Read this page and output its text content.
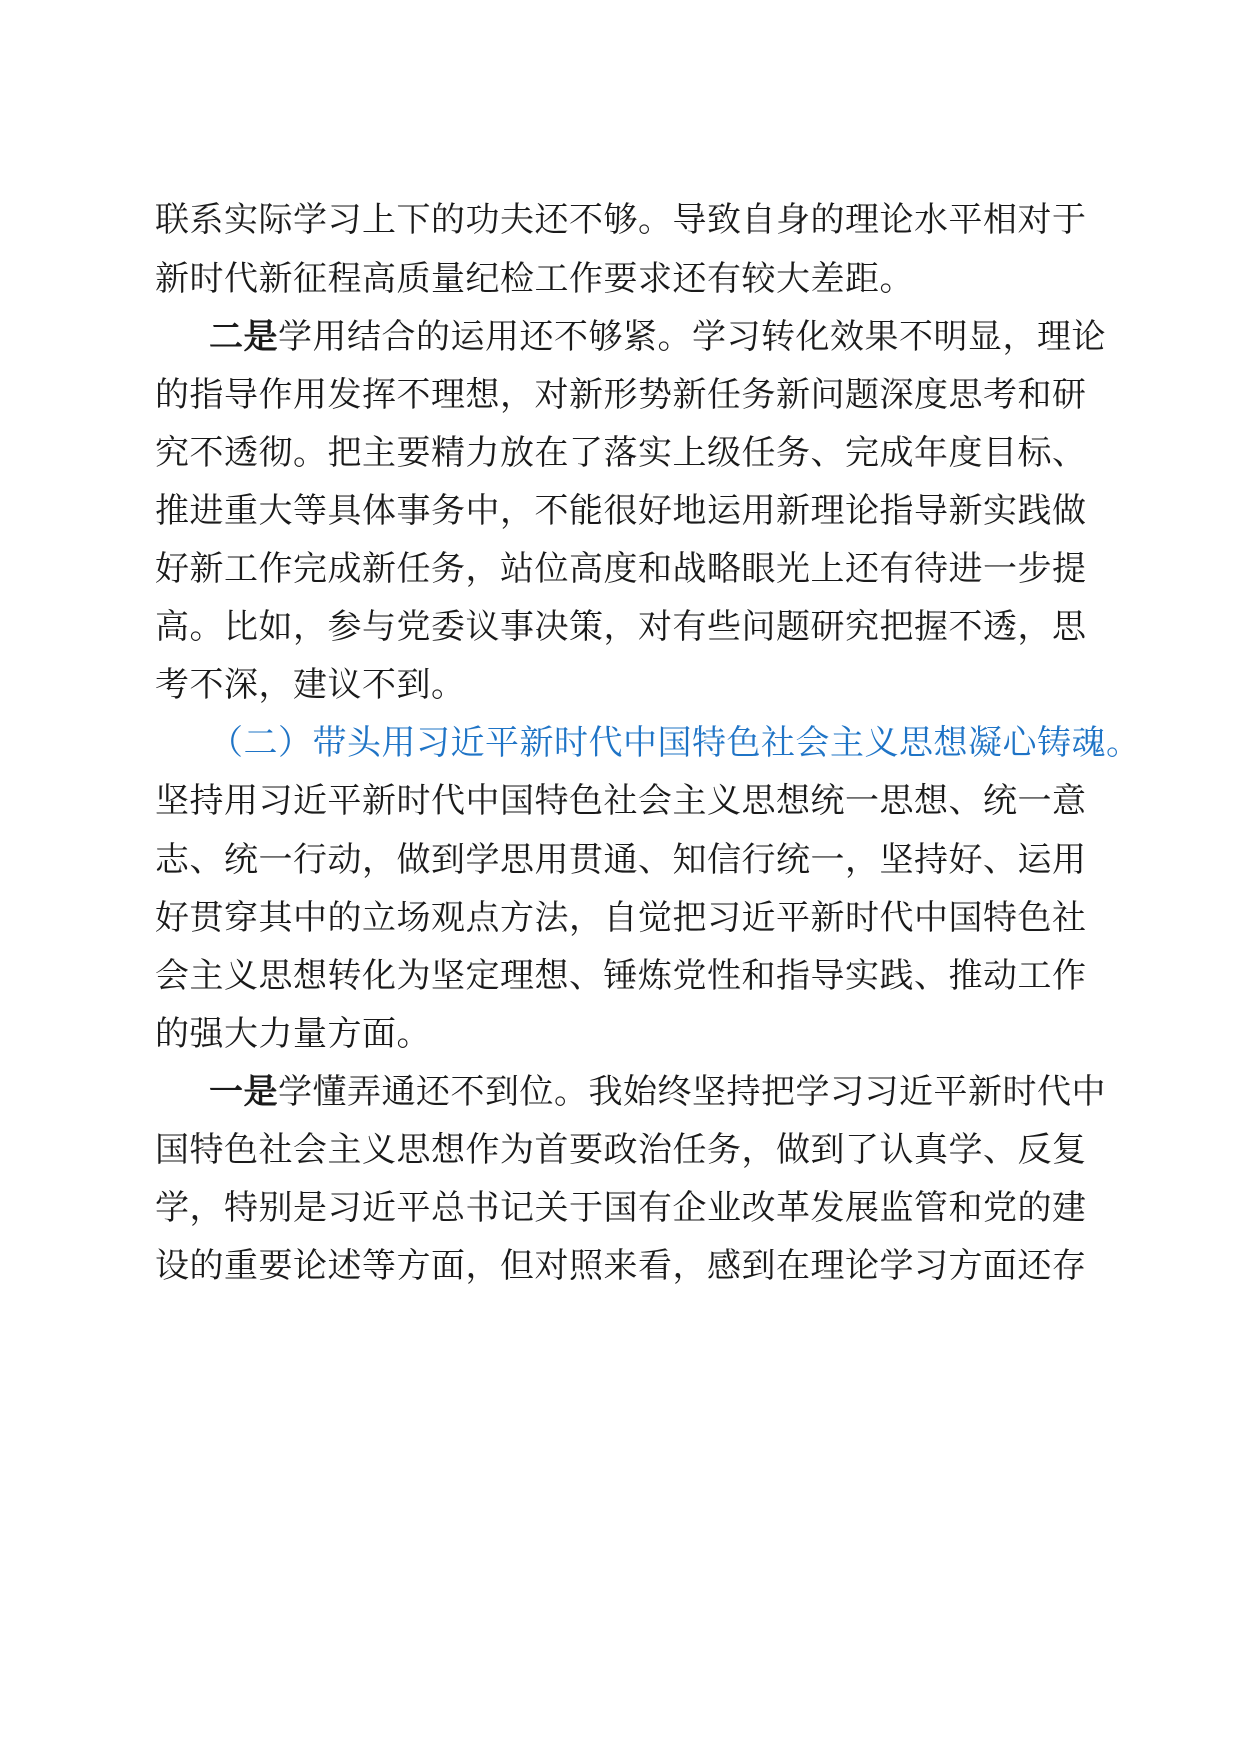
联系实际学习上下的功夫还不够。导致自身的理论水平相对于
新时代新征程高质量纪检工作要求还有较大差距。
二是学用结合的运用还不够紧。学习转化效果不明显，理论
的指导作用发挥不理想，对新形势新任务新问题深度思考和研
究不透彻。把主要精力放在了落实上级任务、完成年度目标、
推进重大等具体事务中，不能很好地运用新理论指导新实践做
好新工作完成新任务，站位高度和战略眼光上还有待进一步提
高。比如，参与党委议事决策，对有些问题研究把握不透，思
考不深，建议不到。
（二）带头用习近平新时代中国特色社会主义思想凝心铸魂。
坚持用习近平新时代中国特色社会主义思想统一思想、统一意
志、统一行动，做到学思用贯通、知信行统一，坚持好、运用
好贯穿其中的立场观点方法，自觉把习近平新时代中国特色社
会主义思想转化为坚定理想、锤炼党性和指导实践、推动工作
的强大力量方面。
一是学懂弄通还不到位。我始终坚持把学习习近平新时代中
国特色社会主义思想作为首要政治任务，做到了认真学、反复
学，特别是习近平总书记关于国有企业改革发展监管和党的建
设的重要论述等方面，但对照来看，感到在理论学习方面还存
